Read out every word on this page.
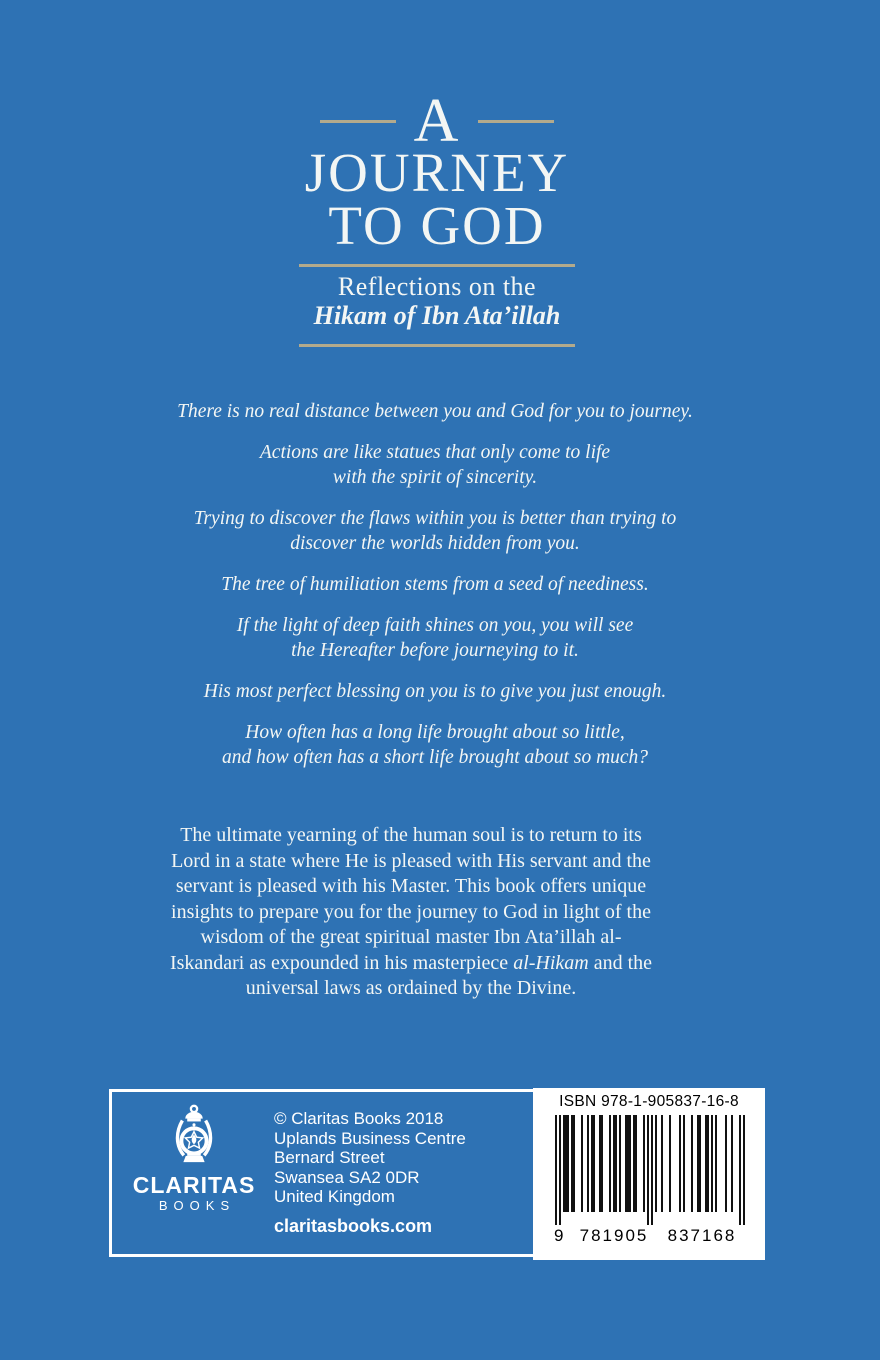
A
JOURNEY
TO GOD
Reflections on the
Hikam of Ibn Ata’illah
There is no real distance between you and God for you to journey.
Actions are like statues that only come to life
with the spirit of sincerity.
Trying to discover the flaws within you is better than trying to
discover the worlds hidden from you.
The tree of humiliation stems from a seed of neediness.
If the light of deep faith shines on you, you will see
the Hereafter before journeying to it.
His most perfect blessing on you is to give you just enough.
How often has a long life brought about so little,
and how often has a short life brought about so much?
The ultimate yearning of the human soul is to return to its
Lord in a state where He is pleased with His servant and the
servant is pleased with his Master. This book offers unique
insights to prepare you for the journey to God in light of the
wisdom of the great spiritual master Ibn Ata’illah al-
Iskandari as expounded in his masterpiece al-Hikam and the
universal laws as ordained by the Divine.
CLARITAS
BOOKS
© Claritas Books 2018
Uplands Business Centre
Bernard Street
Swansea SA2 0DR
United Kingdom
claritasbooks.com
ISBN 978-1-905837-16-8
9 781905	837168
